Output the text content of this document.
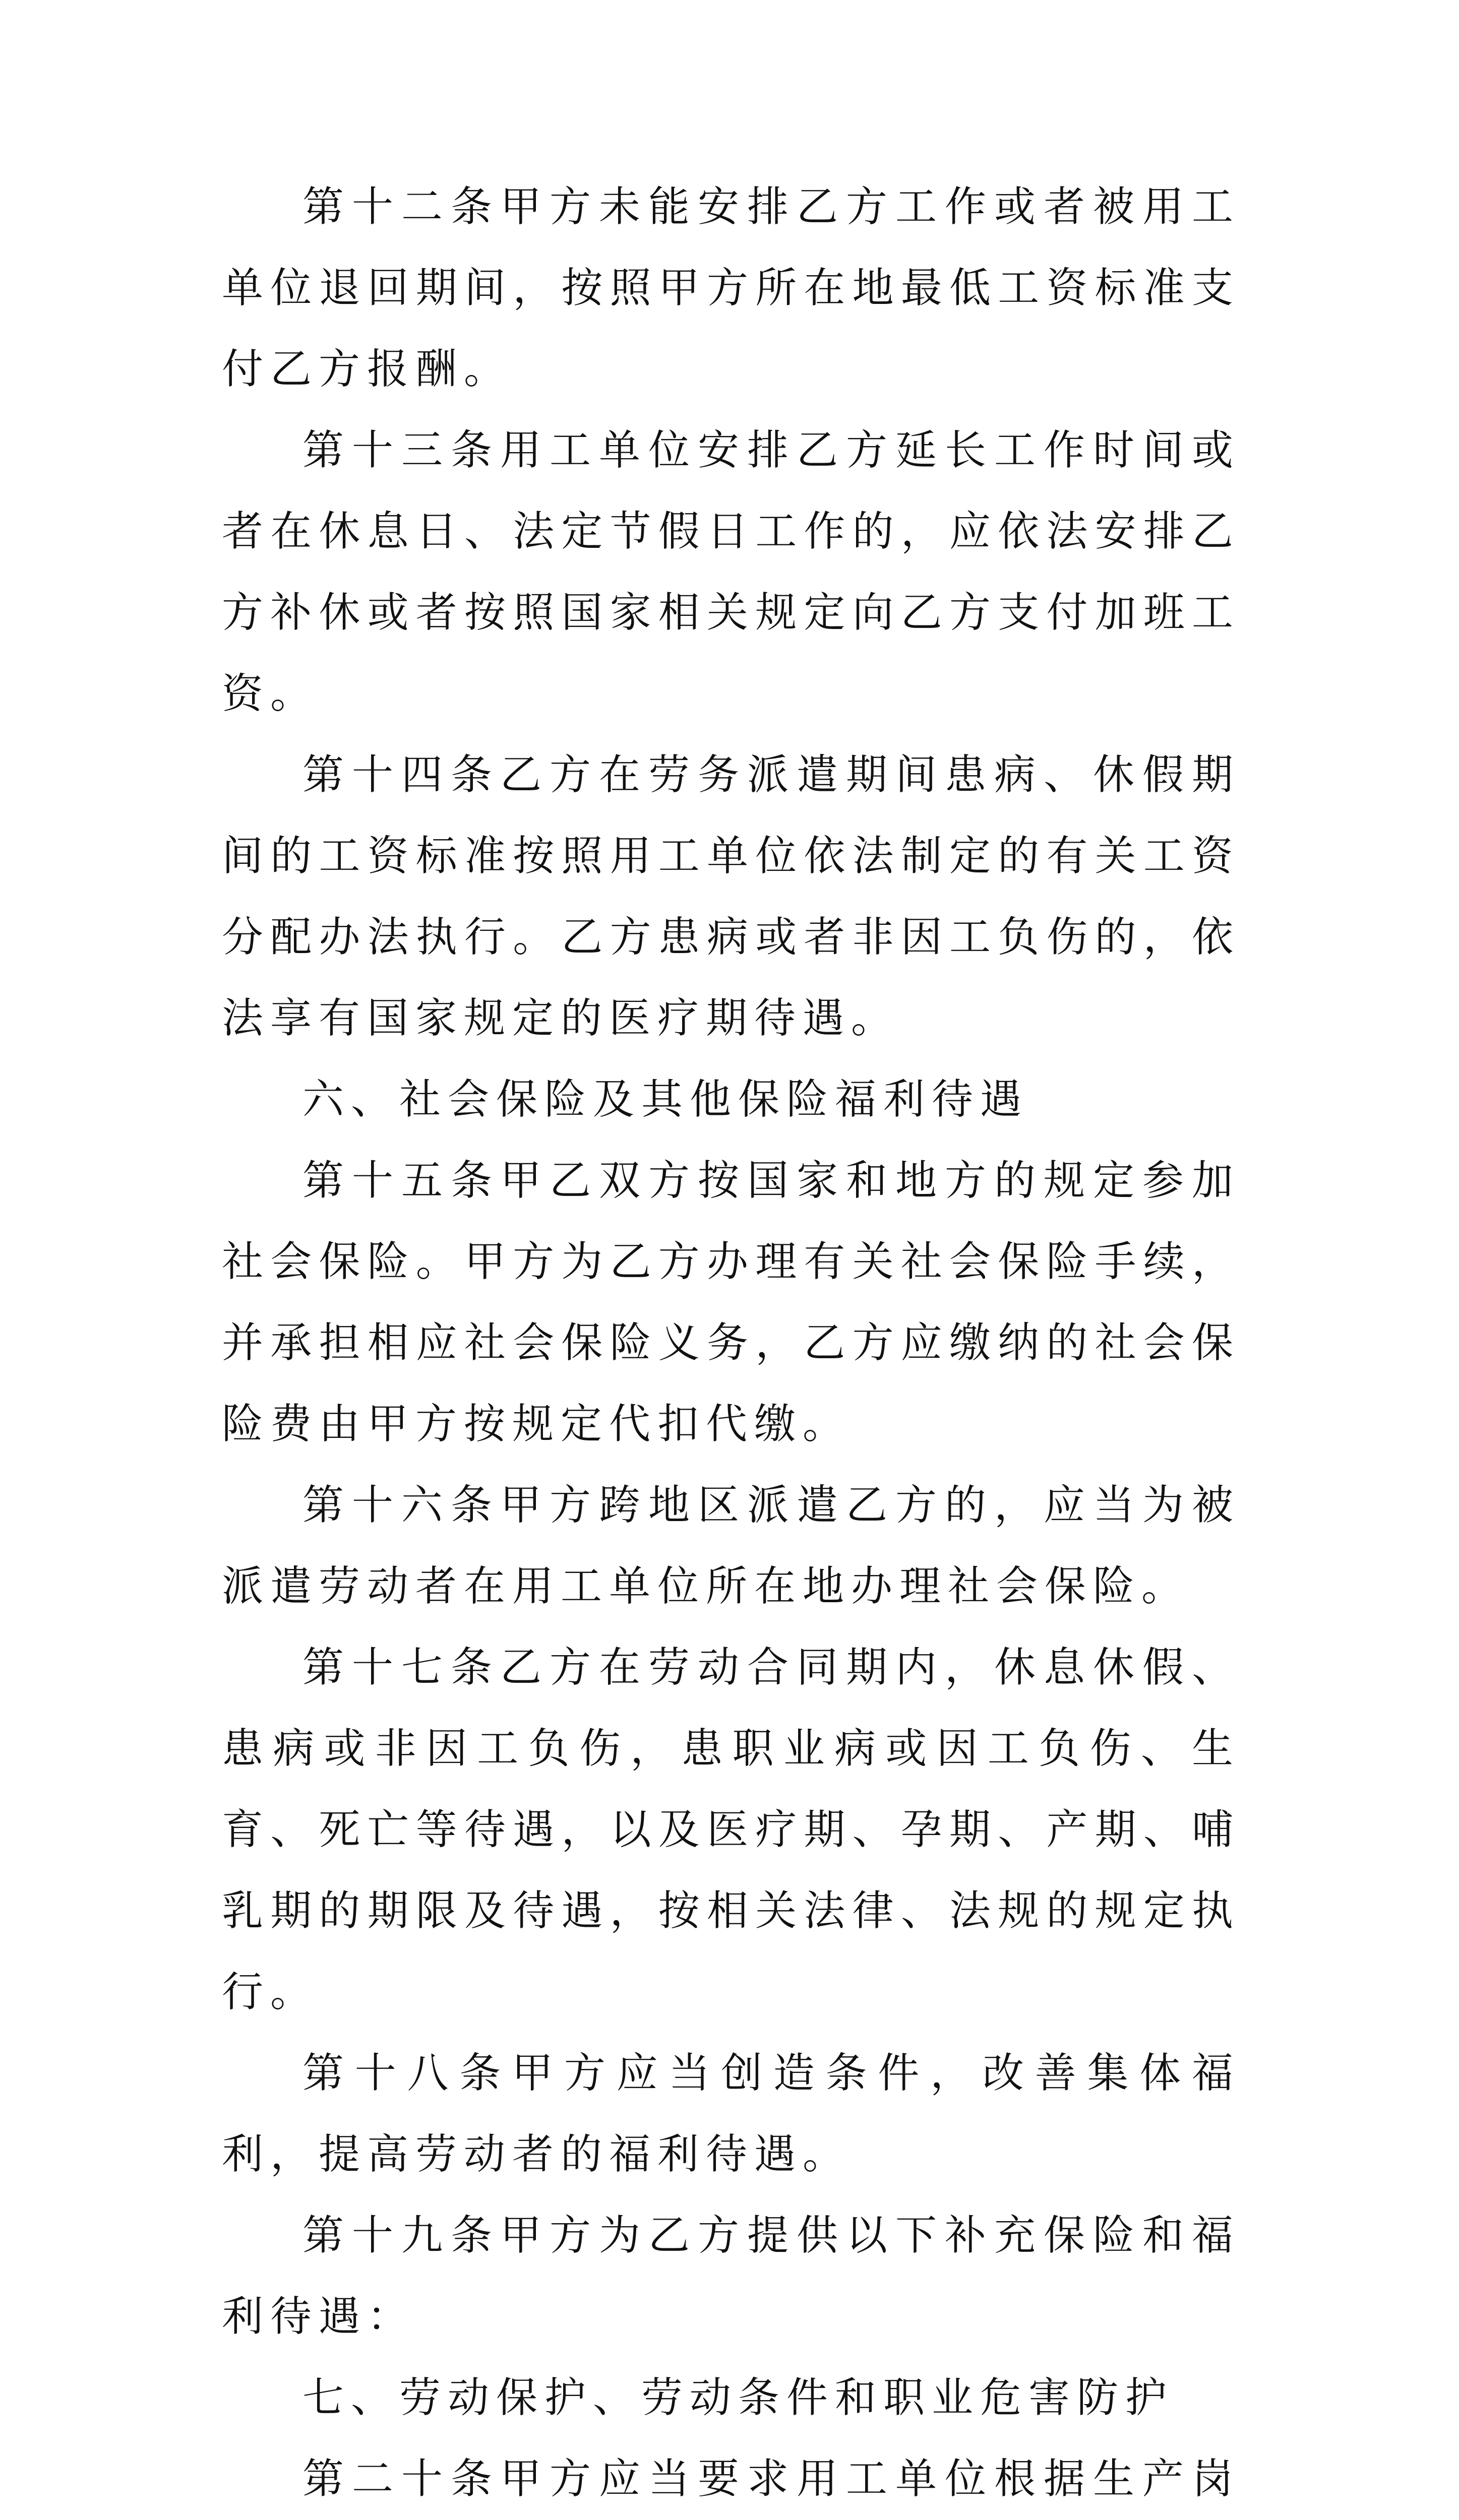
第十二条甲方未能安排乙方工作或者被用工单位退回期间，按照甲方所在地最低工资标准支付乙方报酬。

第十三条用工单位安排乙方延长工作时间或者在休息日、法定节假日工作的，应依法安排乙方补休或者按照国家相关规定向乙方支付加班工资。

第十四条乙方在劳务派遣期间患病、休假期间的工资标准按照用工单位依法制定的有关工资分配办法执行。乙方患病或者非因工负伤的，依法享有国家规定的医疗期待遇。

六、社会保险及其他保险福利待遇

第十五条甲乙双方按国家和地方的规定参加社会保险。甲方为乙方办理有关社会保险手续，并承担相应社会保险义务，乙方应缴纳的社会保险费由甲方按规定代扣代缴。

第十六条甲方跨地区派遣乙方的，应当为被派遣劳动者在用工单位所在地办理社会保险。

第十七条乙方在劳动合同期内，休息休假、患病或非因工负伤，患职业病或因工负伤、生育、死亡等待遇，以及医疗期、孕期、产期、哺乳期的期限及待遇，按相关法律、法规的规定执行。

第十八条甲方应当创造条件，改善集体福利，提高劳动者的福利待遇。

第十九条甲方为乙方提供以下补充保险和福利待遇：

七、劳动保护、劳动条件和职业危害防护

第二十条甲方应当要求用工单位根据生产岗
